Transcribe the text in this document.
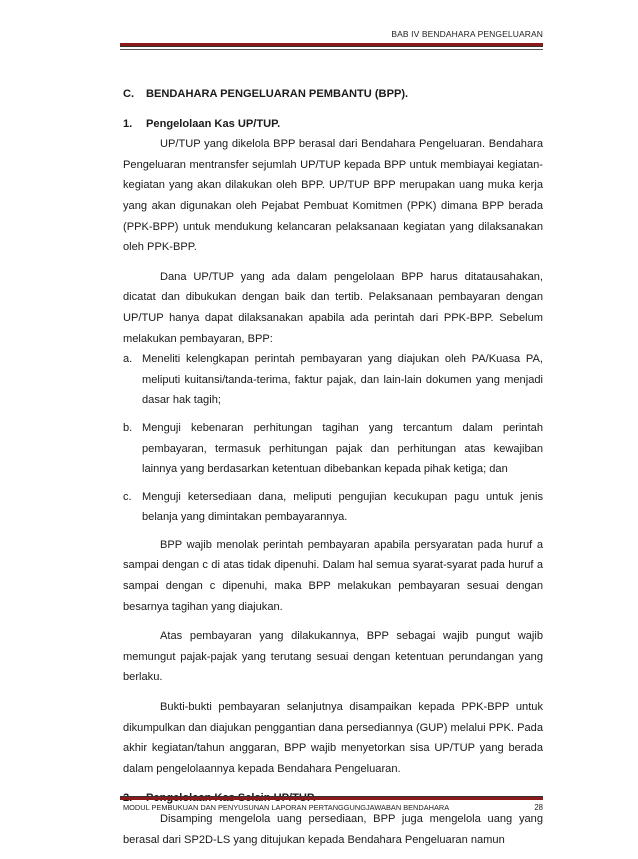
BAB IV BENDAHARA PENGELUARAN
C. BENDAHARA PENGELUARAN PEMBANTU (BPP).
1. Pengelolaan Kas UP/TUP.

UP/TUP yang dikelola BPP berasal dari Bendahara Pengeluaran. Bendahara Pengeluaran mentransfer sejumlah UP/TUP kepada BPP untuk membiayai kegiatan-kegiatan yang akan dilakukan oleh BPP. UP/TUP BPP merupakan uang muka kerja yang akan digunakan oleh Pejabat Pembuat Komitmen (PPK) dimana BPP berada (PPK-BPP) untuk mendukung kelancaran pelaksanaan kegiatan yang dilaksanakan oleh PPK-BPP.

Dana UP/TUP yang ada dalam pengelolaan BPP harus ditatausahakan, dicatat dan dibukukan dengan baik dan tertib. Pelaksanaan pembayaran dengan UP/TUP hanya dapat dilaksanakan apabila ada perintah dari PPK-BPP. Sebelum melakukan pembayaran, BPP:

a. Meneliti kelengkapan perintah pembayaran yang diajukan oleh PA/Kuasa PA, meliputi kuitansi/tanda-terima, faktur pajak, dan lain-lain dokumen yang menjadi dasar hak tagih;
b. Menguji kebenaran perhitungan tagihan yang tercantum dalam perintah pembayaran, termasuk perhitungan pajak dan perhitungan atas kewajiban lainnya yang berdasarkan ketentuan dibebankan kepada pihak ketiga; dan
c. Menguji ketersediaan dana, meliputi pengujian kecukupan pagu untuk jenis belanja yang dimintakan pembayarannya.

BPP wajib menolak perintah pembayaran apabila persyaratan pada huruf a sampai dengan c di atas tidak dipenuhi. Dalam hal semua syarat-syarat pada huruf a sampai dengan c dipenuhi, maka BPP melakukan pembayaran sesuai dengan besarnya tagihan yang diajukan.

Atas pembayaran yang dilakukannya, BPP sebagai wajib pungut wajib memungut pajak-pajak yang terutang sesuai dengan ketentuan perundangan yang berlaku.

Bukti-bukti pembayaran selanjutnya disampaikan kepada PPK-BPP untuk dikumpulkan dan diajukan penggantian dana persediannya (GUP) melalui PPK. Pada akhir kegiatan/tahun anggaran, BPP wajib menyetorkan sisa UP/TUP yang berada dalam pengelolaannya kepada Bendahara Pengeluaran.

Disamping mengelola uang persediaan, BPP juga mengelola uang yang berasal dari SP2D-LS yang ditujukan kepada Bendahara Pengeluaran namun

MODUL PEMBUKUAN DAN PENYUSUNAN LAPORAN PERTANGGUNGJAWABAN BENDAHARA	28
